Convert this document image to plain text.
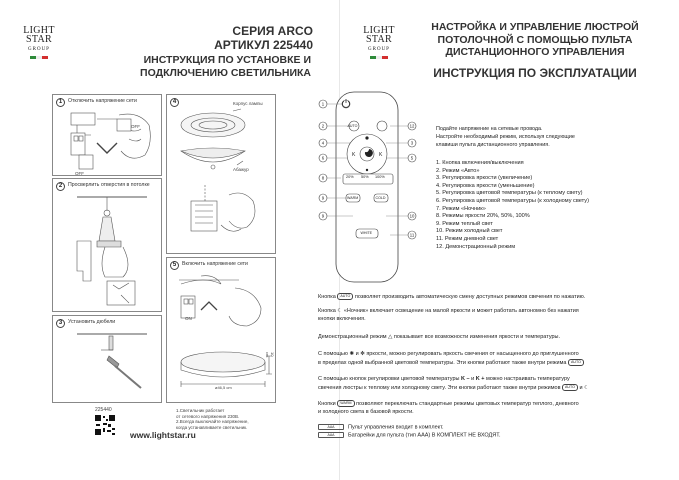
LIGHT
STAR
GROUP
СЕРИЯ ARCO
АРТИКУЛ 225440
ИНСТРУКЦИЯ ПО УСТАНОВКЕ И
ПОДКЛЮЧЕНИЮ СВЕТИЛЬНИКА
1	Отключить напряжение сети
OFF
OFF
2	Просверлить отверстия в потолке
3	Установить дюбели
225440	1.Светильник работает
от сетевого напряжения 230В.
2.Всегда выключайте напряжение,
когда устанавливаете светильник.
4	Корпус лампы
Абажур
5	Включить напряжение сети
ON
ø46,5 cm
10 cm
www.lightstar.ru
LIGHT
STAR
GROUP
НАСТРОЙКА И УПРАВЛЕНИЕ ЛЮСТРОЙ
ПОТОЛОЧНОЙ С ПОМОЩЬЮ ПУЛЬТА
ДИСТАНЦИОННОГО УПРАВЛЕНИЯ
ИНСТРУКЦИЯ ПО ЭКСПЛУАТАЦИИ
1
2
4
6
8
9
9
12
3
5
10
11
K	K
AUTO
20% 50% 100%
WARM	COLD
WHITE
Подайте напряжение на сетевые провода.
Настройте необходимый режим, используя следующие
клавиши пульта дистанционного управления.
1. Кнопка включения/выключения
2. Режим «Авто»
3. Регулировка яркости (увеличение)
4. Регулировка яркости (уменьшение)
5. Регулировка цветовой температуры (к теплому свету)
6. Регулировка цветовой температуры (к холодному свету)
7. Режим «Ночник»
8. Режимы яркости 20%, 50%, 100%
9. Режим теплый свет
10. Режим холодный свет
11. Режим дневной свет
12. Демонстрационный режим
Кнопка AUTO позволяет производить автоматическую смену доступных режимов свечения по нажатию.
Кнопка ☾ «Ночник» включает освещение на малой яркости и может работать автономно без нажатия
кнопки включения.
Демонстрационный режим △ показывает все возможности изменения яркости и температуры.
С помощью ✺ и ✻ яркости, можно регулировать яркость свечения от насыщенного до приглушенного
в пределах одной выбранной цветовой температуры. Эти кнопки работают также внутри режима AUTO
С помощью кнопок регулировки цветовой температуры K – и K + можно настраивать температуру
свечения люстры к теплому или холодному свету. Эти кнопки работают также внутри режимов AUTO и ☾
Кнопки WARM позволяют переключать стандартные режимы цветовых температур теплого, дневного
и холодного света в базовой яркости.
AAA Пульт управления входит в комплект.
AAA Батарейки для пульта (тип ААА) В КОМПЛЕКТ НЕ ВХОДЯТ.
